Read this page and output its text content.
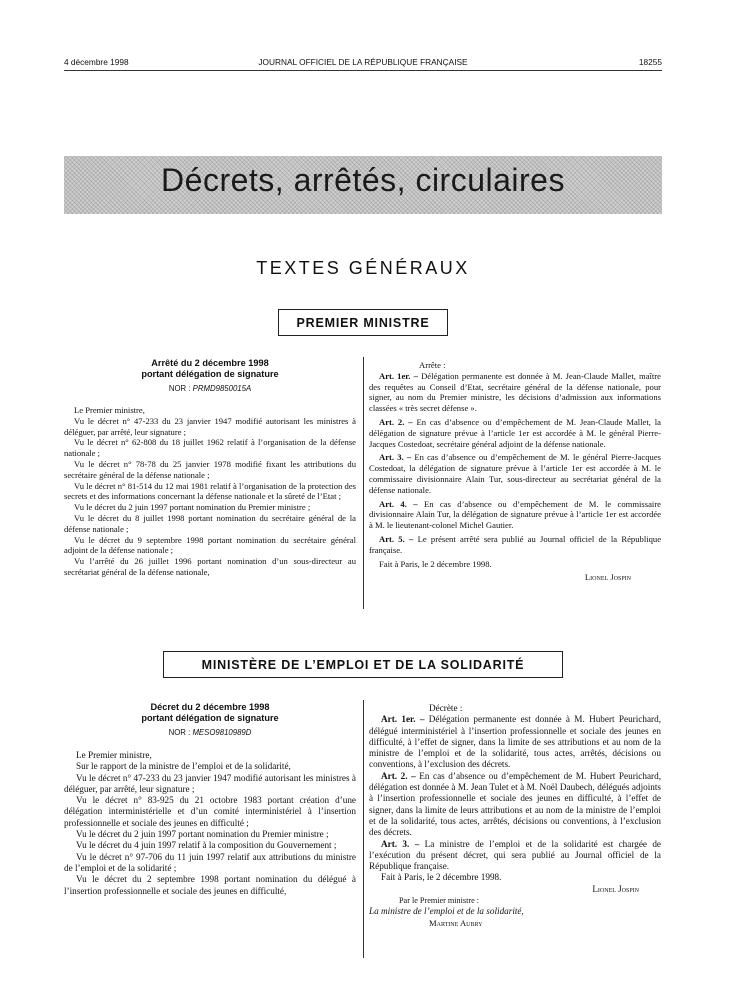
4 décembre 1998	JOURNAL OFFICIEL DE LA RÉPUBLIQUE FRANÇAISE	18255
Décrets, arrêtés, circulaires
TEXTES GÉNÉRAUX
PREMIER MINISTRE
Arrêté du 2 décembre 1998
portant délégation de signature
NOR : PRMD9850015A

Le Premier ministre,

Vu le décret n° 47-233 du 23 janvier 1947 modifié autorisant les ministres à déléguer, par arrêté, leur signature ;

Vu le décret n° 62-808 du 18 juillet 1962 relatif à l’organisation de la défense nationale ;

Vu le décret n° 78-78 du 25 janvier 1978 modifié fixant les attributions du secrétaire général de la défense nationale ;

Vu le décret n° 81-514 du 12 mai 1981 relatif à l’organisation de la protection des secrets et des informations concernant la défense nationale et la sûreté de l’Etat ;

Vu le décret du 2 juin 1997 portant nomination du Premier ministre ;

Vu le décret du 8 juillet 1998 portant nomination du secrétaire général de la défense nationale ;

Vu le décret du 9 septembre 1998 portant nomination du secrétaire général adjoint de la défense nationale ;

Vu l’arrêté du 26 juillet 1996 portant nomination d’un sous-directeur au secrétariat général de la défense nationale,

Arrête :

Art. 1er. – Délégation permanente est donnée à M. Jean-Claude Mallet, maître des requêtes au Conseil d’Etat, secrétaire général de la défense nationale, pour signer, au nom du Premier ministre, les décisions d’admission aux informations classées « très secret défense ».

Art. 2. – En cas d’absence ou d’empêchement de M. Jean-Claude Mallet, la délégation de signature prévue à l’article 1er est accordée à M. le général Pierre-Jacques Costedoat, secrétaire général adjoint de la défense nationale.

Art. 3. – En cas d’absence ou d’empêchement de M. le général Pierre-Jacques Costedoat, la délégation de signature prévue à l’article 1er est accordée à M. le commissaire divisionnaire Alain Tur, sous-directeur au secrétariat général de la défense nationale.

Art. 4. – En cas d’absence ou d’empêchement de M. le commissaire divisionnaire Alain Tur, la délégation de signature prévue à l’article 1er est accordée à M. le lieutenant-colonel Michel Gautier.

Art. 5. – Le présent arrêté sera publié au Journal officiel de la République française.

Fait à Paris, le 2 décembre 1998.

Lionel Jospin
MINISTÈRE DE L’EMPLOI ET DE LA SOLIDARITÉ
Décret du 2 décembre 1998
portant délégation de signature
NOR : MESO9810989D

Le Premier ministre,

Sur le rapport de la ministre de l’emploi et de la solidarité,

Vu le décret n° 47-233 du 23 janvier 1947 modifié autorisant les ministres à déléguer, par arrêté, leur signature ;

Vu le décret n° 83-925 du 21 octobre 1983 portant création d’une délégation interministérielle et d’un comité interministériel à l’insertion professionnelle et sociale des jeunes en difficulté ;

Vu le décret du 2 juin 1997 portant nomination du Premier ministre ;

Vu le décret du 4 juin 1997 relatif à la composition du Gouvernement ;

Vu le décret n° 97-706 du 11 juin 1997 relatif aux attributions du ministre de l’emploi et de la solidarité ;

Vu le décret du 2 septembre 1998 portant nomination du délégué à l’insertion professionnelle et sociale des jeunes en difficulté,

Décrète :

Art. 1er. – Délégation permanente est donnée à M. Hubert Peurichard, délégué interministériel à l’insertion professionnelle et sociale des jeunes en difficulté, à l’effet de signer, dans la limite de ses attributions et au nom de la ministre de l’emploi et de la solidarité, tous actes, arrêtés, décisions ou conventions, à l’exclusion des décrets.

Art. 2. – En cas d’absence ou d’empêchement de M. Hubert Peurichard, délégation est donnée à M. Jean Tulet et à M. Noël Daubech, délégués adjoints à l’insertion professionnelle et sociale des jeunes en difficulté, à l’effet de signer, dans la limite de leurs attributions et au nom de la ministre de l’emploi et de la solidarité, tous actes, arrêtés, décisions ou conventions, à l’exclusion des décrets.

Art. 3. – La ministre de l’emploi et de la solidarité est chargée de l’exécution du présent décret, qui sera publié au Journal officiel de la République française.

Fait à Paris, le 2 décembre 1998.

Lionel Jospin
Par le Premier ministre :
La ministre de l’emploi et de la solidarité,
Martine Aubry
